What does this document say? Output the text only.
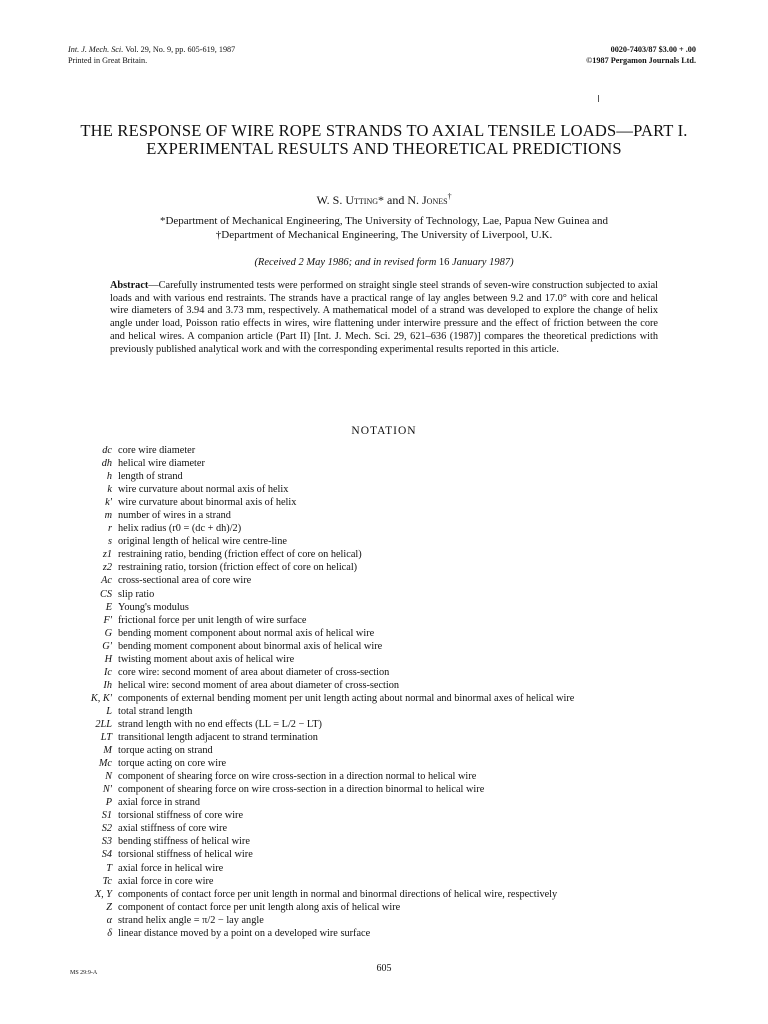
Int. J. Mech. Sci. Vol. 29, No. 9, pp. 605-619, 1987
Printed in Great Britain.
0020-7403/87 $3.00 + .00
©1987 Pergamon Journals Ltd.
THE RESPONSE OF WIRE ROPE STRANDS TO AXIAL TENSILE LOADS—PART I. EXPERIMENTAL RESULTS AND THEORETICAL PREDICTIONS
W. S. Utting* and N. Jones†
*Department of Mechanical Engineering, The University of Technology, Lae, Papua New Guinea and
†Department of Mechanical Engineering, The University of Liverpool, U.K.
(Received 2 May 1986; and in revised form 16 January 1987)
Abstract—Carefully instrumented tests were performed on straight single steel strands of seven-wire construction subjected to axial loads and with various end restraints. The strands have a practical range of lay angles between 9.2 and 17.0° with core and helical wire diameters of 3.94 and 3.73 mm, respectively. A mathematical model of a strand was developed to explore the change of helix angle under load, Poisson ratio effects in wires, wire flattening under interwire pressure and the effect of friction between the core and helical wires. A companion article (Part II) [Int. J. Mech. Sci. 29, 621–636 (1987)] compares the theoretical predictions with previously published analytical work and with the corresponding experimental results reported in this article.
NOTATION
dc core wire diameter
dh helical wire diameter
h length of strand
k wire curvature about normal axis of helix
k′ wire curvature about binormal axis of helix
m number of wires in a strand
r helix radius (r0 = (dc + dh)/2)
s original length of helical wire centre-line
z1 restraining ratio, bending (friction effect of core on helical)
z2 restraining ratio, torsion (friction effect of core on helical)
Ac cross-sectional area of core wire
CS slip ratio
E Young's modulus
F′ frictional force per unit length of wire surface
G bending moment component about normal axis of helical wire
G′ bending moment component about binormal axis of helical wire
H twisting moment about axis of helical wire
Ic core wire: second moment of area about diameter of cross-section
Ih helical wire: second moment of area about diameter of cross-section
K, K′ components of external bending moment per unit length acting about normal and binormal axes of helical wire
L total strand length
2LL strand length with no end effects (LL = L/2 − LT)
LT transitional length adjacent to strand termination
M torque acting on strand
Mc torque acting on core wire
N component of shearing force on wire cross-section in a direction normal to helical wire
N′ component of shearing force on wire cross-section in a direction binormal to helical wire
P axial force in strand
S1 torsional stiffness of core wire
S2 axial stiffness of core wire
S3 bending stiffness of helical wire
S4 torsional stiffness of helical wire
T axial force in helical wire
Tc axial force in core wire
X, Y components of contact force per unit length in normal and binormal directions of helical wire, respectively
Z component of contact force per unit length along axis of helical wire
α strand helix angle = π/2 − lay angle
δ linear distance moved by a point on a developed wire surface
MS 29:9-A	605
